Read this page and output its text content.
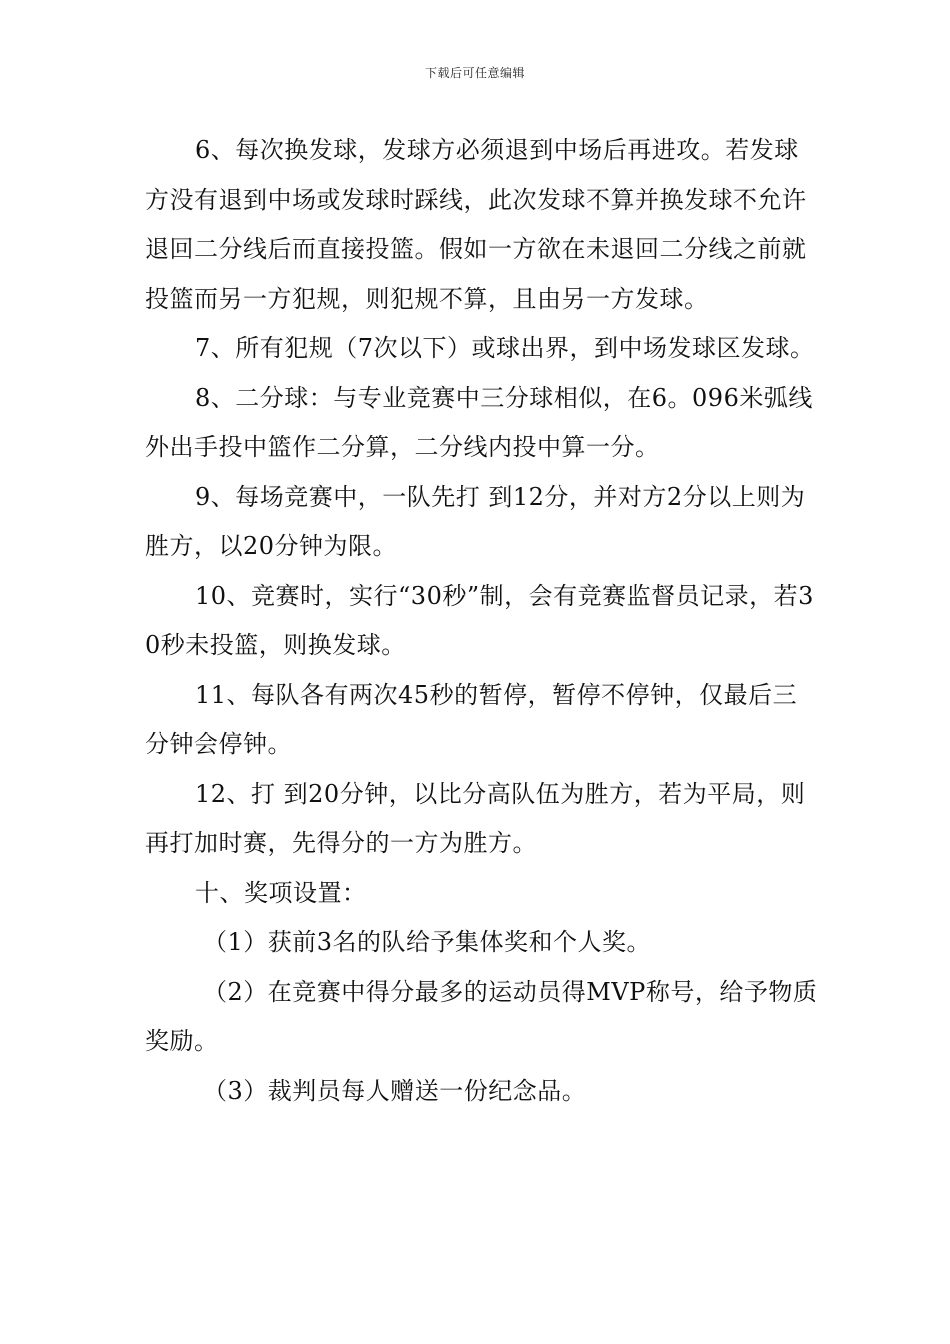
下载后可任意编辑

6、每次换发球，发球方必须退到中场后再进攻。若发球方没有退到中场或发球时踩线，此次发球不算并换发球不允许退回二分线后而直接投篮。假如一方欲在未退回二分线之前就投篮而另一方犯规，则犯规不算，且由另一方发球。

7、所有犯规（7次以下）或球出界，到中场发球区发球。

8、二分球：与专业竞赛中三分球相似，在6。096米弧线外出手投中篮作二分算，二分线内投中算一分。

9、每场竞赛中，一队先打 到12分，并对方2分以上则为胜方，以20分钟为限。

10、竞赛时，实行“30秒”制，会有竞赛监督员记录，若30秒未投篮，则换发球。

11、每队各有两次45秒的暂停，暂停不停钟，仅最后三分钟会停钟。

12、打 到20分钟，以比分高队伍为胜方，若为平局，则再打加时赛，先得分的一方为胜方。

十、奖项设置：

（1）获前3名的队给予集体奖和个人奖。

（2）在竞赛中得分最多的运动员得MVP称号，给予物质奖励。

（3）裁判员每人赠送一份纪念品。
